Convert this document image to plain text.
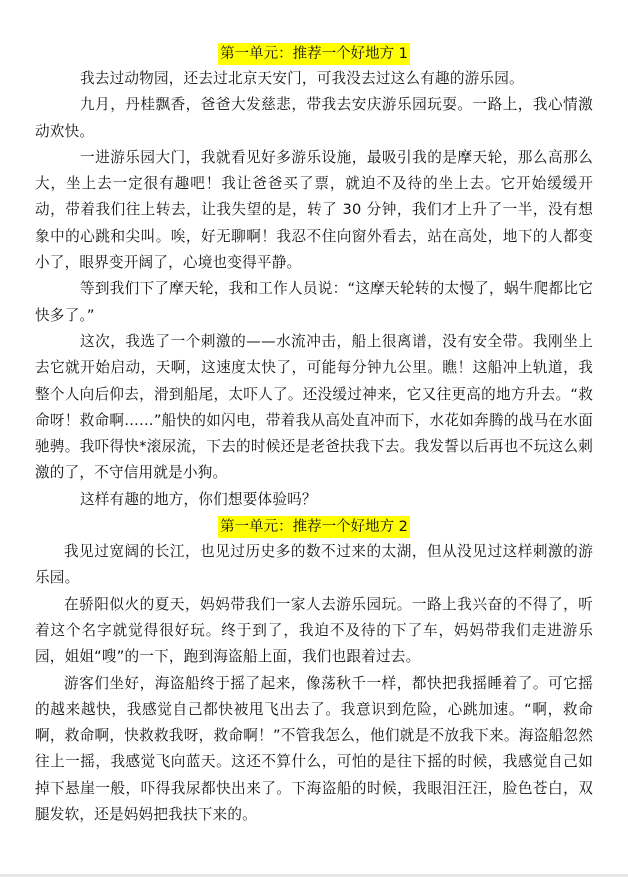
第一单元：推荐一个好地方 1

我去过动物园，还去过北京天安门，可我没去过这么有趣的游乐园。

九月，丹桂飘香，爸爸大发慈悲，带我去安庆游乐园玩耍。一路上，我心情激动欢快。

一进游乐园大门，我就看见好多游乐设施，最吸引我的是摩天轮，那么高那么大，坐上去一定很有趣吧！我让爸爸买了票，就迫不及待的坐上去。它开始缓缓开动，带着我们往上转去，让我失望的是，转了 30 分钟，我们才上升了一半，没有想象中的心跳和尖叫。唉，好无聊啊！我忍不住向窗外看去，站在高处，地下的人都变小了，眼界变开阔了，心境也变得平静。

等到我们下了摩天轮，我和工作人员说：“这摩天轮转的太慢了，蜗牛爬都比它快多了。”

这次，我选了一个刺激的——水流冲击，船上很离谱，没有安全带。我刚坐上去它就开始启动，天啊，这速度太快了，可能每分钟九公里。瞧！这船冲上轨道，我整个人向后仰去，滑到船尾，太吓人了。还没缓过神来，它又往更高的地方升去。“救命呀！救命啊……”船快的如闪电，带着我从高处直冲而下，水花如奔腾的战马在水面驰骋。我吓得快*滚尿流，下去的时候还是老爸扶我下去。我发誓以后再也不玩这么刺激的了，不守信用就是小狗。

这样有趣的地方，你们想要体验吗？

第一单元：推荐一个好地方 2

我见过宽阔的长江，也见过历史多的数不过来的太湖，但从没见过这样刺激的游乐园。

在骄阳似火的夏天，妈妈带我们一家人去游乐园玩。一路上我兴奋的不得了，听着这个名字就觉得很好玩。终于到了，我迫不及待的下了车，妈妈带我们走进游乐园，姐姐“嗖”的一下，跑到海盗船上面，我们也跟着过去。

游客们坐好，海盗船终于摇了起来，像荡秋千一样，都快把我摇睡着了。可它摇的越来越快，我感觉自己都快被甩飞出去了。我意识到危险，心跳加速。“啊，救命啊，救命啊，快救救我呀，救命啊！”不管我怎么，他们就是不放我下来。海盗船忽然往上一摇，我感觉飞向蓝天。这还不算什么，可怕的是往下摇的时候，我感觉自己如掉下悬崖一般，吓得我尿都快出来了。下海盗船的时候，我眼泪汪汪，脸色苍白，双腿发软，还是妈妈把我扶下来的。
